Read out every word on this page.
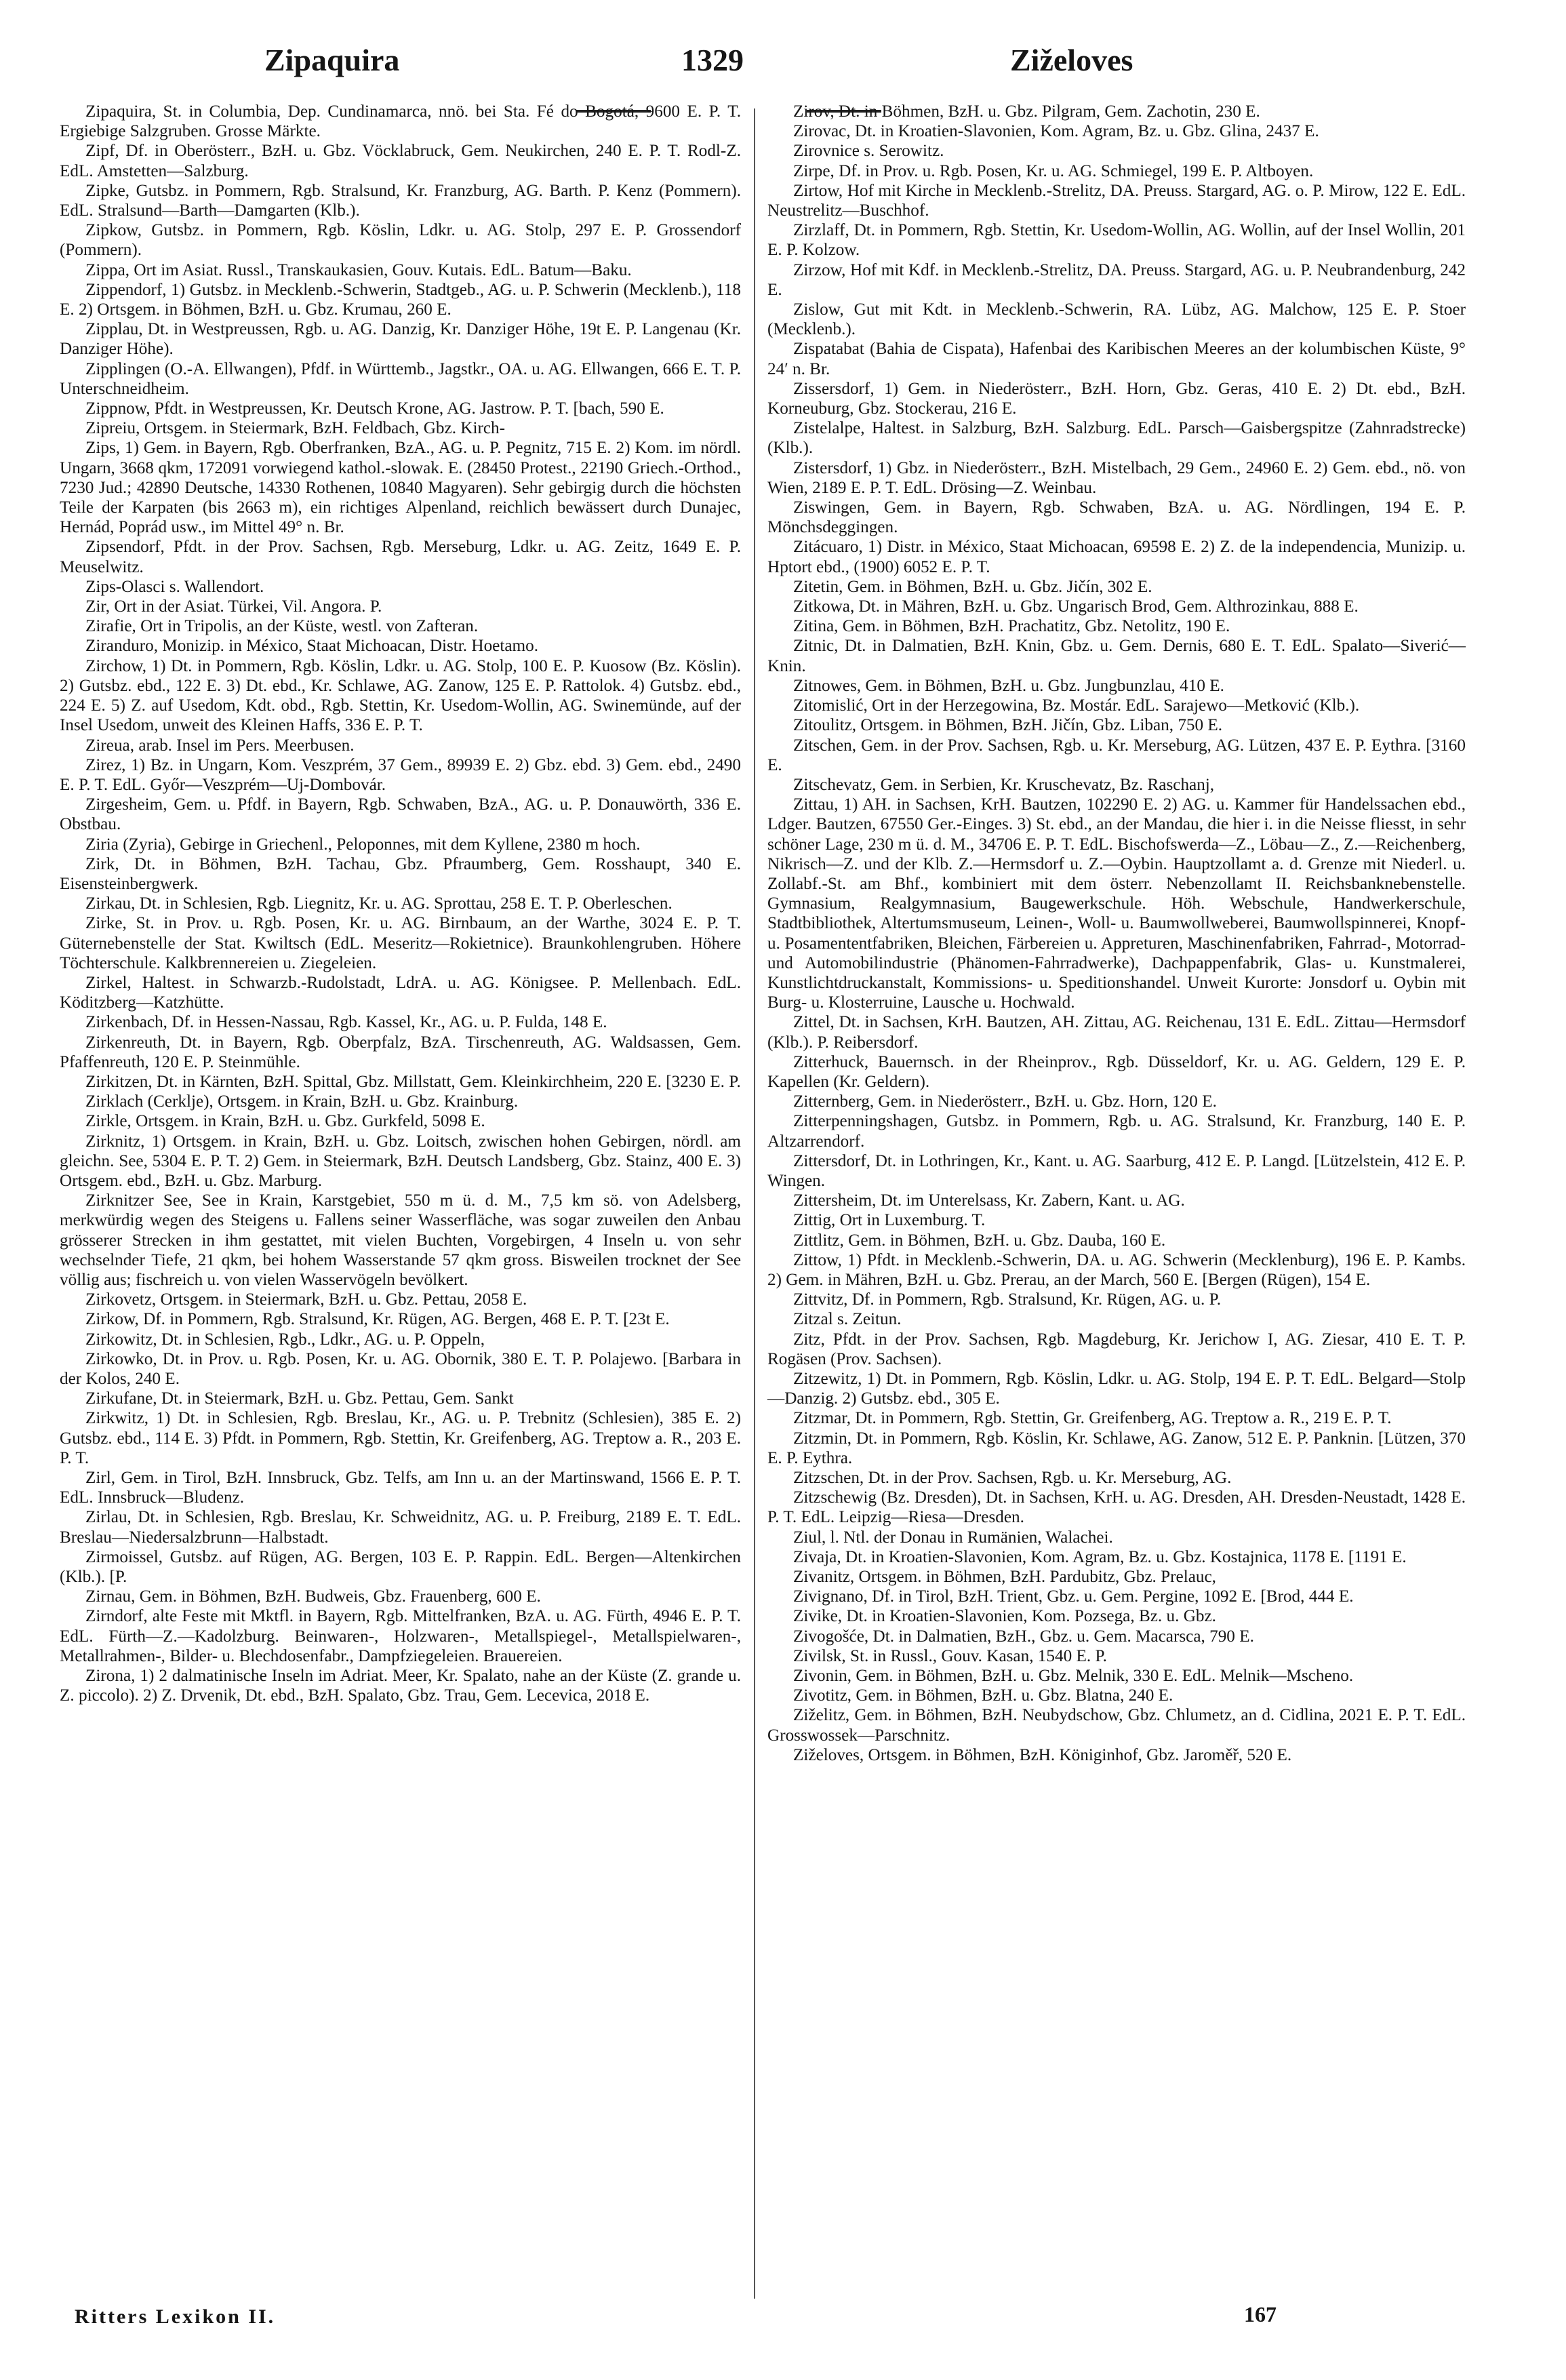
Zipaquira	1329	Ziželoves

Zipaquira, St. in Columbia, Dep. Cundinamarca, nnö. bei Sta. Fé do Bogotá, 9600 E. P. T. Ergiebige Salzgruben. Grosse Märkte.

Zipf, Df. in Oberösterr., BzH. u. Gbz. Vöcklabruck, Gem. Neukirchen, 240 E. P. T. Rodl-Z. EdL. Amstetten—Salzburg.

Zipke, Gutsbz. in Pommern, Rgb. Stralsund, Kr. Franzburg, AG. Barth. P. Kenz (Pommern). EdL. Stralsund—Barth—Damgarten (Klb.).

Zipkow, Gutsbz. in Pommern, Rgb. Köslin, Ldkr. u. AG. Stolp, 297 E. P. Grossendorf (Pommern).

Zippa, Ort im Asiat. Russl., Transkaukasien, Gouv. Kutais. EdL. Batum—Baku.

Zippendorf, 1) Gutsbz. in Mecklenb.-Schwerin, Stadtgeb., AG. u. P. Schwerin (Mecklenb.), 118 E. 2) Ortsgem. in Böhmen, BzH. u. Gbz. Krumau, 260 E.

Zipplau, Dt. in Westpreussen, Rgb. u. AG. Danzig, Kr. Danziger Höhe, 19t E. P. Langenau (Kr. Danziger Höhe).

Zipplingen (O.-A. Ellwangen), Pfdf. in Württemb., Jagstkr., OA. u. AG. Ellwangen, 666 E. T. P. Unterschneidheim.

Zippnow, Pfdt. in Westpreussen, Kr. Deutsch Krone, AG. Jastrow. P. T. [bach, 590 E.

Zipreiu, Ortsgem. in Steiermark, BzH. Feldbach, Gbz. Kirch-

Zips, 1) Gem. in Bayern, Rgb. Oberfranken, BzA., AG. u. P. Pegnitz, 715 E. 2) Kom. im nördl. Ungarn, 3668 qkm, 172091 vorwiegend kathol.-slowak. E. (28450 Protest., 22190 Griech.-Orthod., 7230 Jud.; 42890 Deutsche, 14330 Rothenen, 10840 Magyaren). Sehr gebirgig durch die höchsten Teile der Karpaten (bis 2663 m), ein richtiges Alpenland, reichlich bewässert durch Dunajec, Hernád, Poprád usw., im Mittel 49° n. Br.

Zipsendorf, Pfdt. in der Prov. Sachsen, Rgb. Merseburg, Ldkr. u. AG. Zeitz, 1649 E. P. Meuselwitz.

Zips-Olasci s. Wallendort.

Zir, Ort in der Asiat. Türkei, Vil. Angora. P.

Zirafie, Ort in Tripolis, an der Küste, westl. von Zafteran.

Ziranduro, Monizip. in México, Staat Michoacan, Distr. Hoetamo.

Zirchow, 1) Dt. in Pommern, Rgb. Köslin, Ldkr. u. AG. Stolp, 100 E. P. Kuosow (Bz. Köslin). 2) Gutsbz. ebd., 122 E. 3) Dt. ebd., Kr. Schlawe, AG. Zanow, 125 E. P. Rattolok. 4) Gutsbz. ebd., 224 E. 5) Z. auf Usedom, Kdt. obd., Rgb. Stettin, Kr. Usedom-Wollin, AG. Swinemünde, auf der Insel Usedom, unweit des Kleinen Haffs, 336 E. P. T.

Zireua, arab. Insel im Pers. Meerbusen.

Zirez, 1) Bz. in Ungarn, Kom. Veszprém, 37 Gem., 89939 E. 2) Gbz. ebd. 3) Gem. ebd., 2490 E. P. T. EdL. Győr—Veszprém—Uj-Dombovár.

Zirgesheim, Gem. u. Pfdf. in Bayern, Rgb. Schwaben, BzA., AG. u. P. Donauwörth, 336 E. Obstbau.

Ziria (Zyria), Gebirge in Griechenl., Peloponnes, mit dem Kyllene, 2380 m hoch.

Zirk, Dt. in Böhmen, BzH. Tachau, Gbz. Pfraumberg, Gem. Rosshaupt, 340 E. Eisensteinbergwerk.

Zirkau, Dt. in Schlesien, Rgb. Liegnitz, Kr. u. AG. Sprottau, 258 E. T. P. Oberleschen.

Zirke, St. in Prov. u. Rgb. Posen, Kr. u. AG. Birnbaum, an der Warthe, 3024 E. P. T. Güternebenstelle der Stat. Kwiltsch (EdL. Meseritz—Rokietnice). Braunkohlengruben. Höhere Töchterschule. Kalkbrennereien u. Ziegeleien.

Zirkel, Haltest. in Schwarzb.-Rudolstadt, LdrA. u. AG. Königsee. P. Mellenbach. EdL. Köditzberg—Katzhütte.

Zirkenbach, Df. in Hessen-Nassau, Rgb. Kassel, Kr., AG. u. P. Fulda, 148 E.

Zirkenreuth, Dt. in Bayern, Rgb. Oberpfalz, BzA. Tirschenreuth, AG. Waldsassen, Gem. Pfaffenreuth, 120 E. P. Steinmühle.

Zirkitzen, Dt. in Kärnten, BzH. Spittal, Gbz. Millstatt, Gem. Kleinkirchheim, 220 E. [3230 E. P.

Zirklach (Cerklje), Ortsgem. in Krain, BzH. u. Gbz. Krainburg.

Zirkle, Ortsgem. in Krain, BzH. u. Gbz. Gurkfeld, 5098 E.

Zirknitz, 1) Ortsgem. in Krain, BzH. u. Gbz. Loitsch, zwischen hohen Gebirgen, nördl. am gleichn. See, 5304 E. P. T. 2) Gem. in Steiermark, BzH. Deutsch Landsberg, Gbz. Stainz, 400 E. 3) Ortsgem. ebd., BzH. u. Gbz. Marburg.

Zirknitzer See, See in Krain, Karstgebiet, 550 m ü. d. M., 7,5 km sö. von Adelsberg, merkwürdig wegen des Steigens u. Fallens seiner Wasserfläche, was sogar zuweilen den Anbau grösserer Strecken in ihm gestattet, mit vielen Buchten, Vorgebirgen, 4 Inseln u. von sehr wechselnder Tiefe, 21 qkm, bei hohem Wasserstande 57 qkm gross. Bisweilen trocknet der See völlig aus; fischreich u. von vielen Wasservögeln bevölkert.

Zirkovetz, Ortsgem. in Steiermark, BzH. u. Gbz. Pettau, 2058 E.

Zirkow, Df. in Pommern, Rgb. Stralsund, Kr. Rügen, AG. Bergen, 468 E. P. T. [23t E.

Zirkowitz, Dt. in Schlesien, Rgb., Ldkr., AG. u. P. Oppeln,

Zirkowko, Dt. in Prov. u. Rgb. Posen, Kr. u. AG. Obornik, 380 E. T. P. Polajewo. [Barbara in der Kolos, 240 E.

Zirkufane, Dt. in Steiermark, BzH. u. Gbz. Pettau, Gem. Sankt

Zirkwitz, 1) Dt. in Schlesien, Rgb. Breslau, Kr., AG. u. P. Trebnitz (Schlesien), 385 E. 2) Gutsbz. ebd., 114 E. 3) Pfdt. in Pommern, Rgb. Stettin, Kr. Greifenberg, AG. Treptow a. R., 203 E. P. T.

Zirl, Gem. in Tirol, BzH. Innsbruck, Gbz. Telfs, am Inn u. an der Martinswand, 1566 E. P. T. EdL. Innsbruck—Bludenz.

Zirlau, Dt. in Schlesien, Rgb. Breslau, Kr. Schweidnitz, AG. u. P. Freiburg, 2189 E. T. EdL. Breslau—Niedersalzbrunn—Halbstadt.

Zirmoissel, Gutsbz. auf Rügen, AG. Bergen, 103 E. P. Rappin. EdL. Bergen—Altenkirchen (Klb.). [P.

Zirnau, Gem. in Böhmen, BzH. Budweis, Gbz. Frauenberg, 600 E.

Zirndorf, alte Feste mit Mktfl. in Bayern, Rgb. Mittelfranken, BzA. u. AG. Fürth, 4946 E. P. T. EdL. Fürth—Z.—Kadolzburg. Beinwaren-, Holzwaren-, Metallspiegel-, Metallspielwaren-, Metallrahmen-, Bilder- u. Blechdosenfabr., Dampfziegeleien. Brauereien.

Zirona, 1) 2 dalmatinische Inseln im Adriat. Meer, Kr. Spalato, nahe an der Küste (Z. grande u. Z. piccolo). 2) Z. Drvenik, Dt. ebd., BzH. Spalato, Gbz. Trau, Gem. Lecevica, 2018 E.

Zirov, Dt. in Böhmen, BzH. u. Gbz. Pilgram, Gem. Zachotin, 230 E.

Zirovac, Dt. in Kroatien-Slavonien, Kom. Agram, Bz. u. Gbz. Glina, 2437 E.

Zirovnice s. Serowitz.

Zirpe, Df. in Prov. u. Rgb. Posen, Kr. u. AG. Schmiegel, 199 E. P. Altboyen.

Zirtow, Hof mit Kirche in Mecklenb.-Strelitz, DA. Preuss. Stargard, AG. o. P. Mirow, 122 E. EdL. Neustrelitz—Buschhof.

Zirzlaff, Dt. in Pommern, Rgb. Stettin, Kr. Usedom-Wollin, AG. Wollin, auf der Insel Wollin, 201 E. P. Kolzow.

Zirzow, Hof mit Kdf. in Mecklenb.-Strelitz, DA. Preuss. Stargard, AG. u. P. Neubrandenburg, 242 E.

Zislow, Gut mit Kdt. in Mecklenb.-Schwerin, RA. Lübz, AG. Malchow, 125 E. P. Stoer (Mecklenb.).

Zispatabat (Bahia de Cispata), Hafenbai des Karibischen Meeres an der kolumbischen Küste, 9° 24′ n. Br.

Zissersdorf, 1) Gem. in Niederösterr., BzH. Horn, Gbz. Geras, 410 E. 2) Dt. ebd., BzH. Korneuburg, Gbz. Stockerau, 216 E.

Zistelalpe, Haltest. in Salzburg, BzH. Salzburg. EdL. Parsch—Gaisbergspitze (Zahnradstrecke) (Klb.).

Zistersdorf, 1) Gbz. in Niederösterr., BzH. Mistelbach, 29 Gem., 24960 E. 2) Gem. ebd., nö. von Wien, 2189 E. P. T. EdL. Drösing—Z. Weinbau.

Ziswingen, Gem. in Bayern, Rgb. Schwaben, BzA. u. AG. Nördlingen, 194 E. P. Mönchsdeggingen.

Zitácuaro, 1) Distr. in México, Staat Michoacan, 69598 E. 2) Z. de la independencia, Munizip. u. Hptort ebd., (1900) 6052 E. P. T.

Zitetin, Gem. in Böhmen, BzH. u. Gbz. Jičín, 302 E.

Zitkowa, Dt. in Mähren, BzH. u. Gbz. Ungarisch Brod, Gem. Althrozinkau, 888 E.

Zitina, Gem. in Böhmen, BzH. Prachatitz, Gbz. Netolitz, 190 E.

Zitnic, Dt. in Dalmatien, BzH. Knin, Gbz. u. Gem. Dernis, 680 E. T. EdL. Spalato—Siverić—Knin.

Zitnowes, Gem. in Böhmen, BzH. u. Gbz. Jungbunzlau, 410 E.

Zitomislić, Ort in der Herzegowina, Bz. Mostár. EdL. Sarajewo—Metković (Klb.).

Zitoulitz, Ortsgem. in Böhmen, BzH. Jičín, Gbz. Liban, 750 E.

Zitschen, Gem. in der Prov. Sachsen, Rgb. u. Kr. Merseburg, AG. Lützen, 437 E. P. Eythra. [3160 E.

Zitschevatz, Gem. in Serbien, Kr. Kruschevatz, Bz. Raschanj,

Zittau, 1) AH. in Sachsen, KrH. Bautzen, 102290 E. 2) AG. u. Kammer für Handelssachen ebd., Ldger. Bautzen, 67550 Ger.-Einges. 3) St. ebd., an der Mandau, die hier i. in die Neisse fliesst, in sehr schöner Lage, 230 m ü. d. M., 34706 E. P. T. EdL. Bischofswerda—Z., Löbau—Z., Z.—Reichenberg, Nikrisch—Z. und der Klb. Z.—Hermsdorf u. Z.—Oybin. Hauptzollamt a. d. Grenze mit Niederl. u. Zollabf.-St. am Bhf., kombiniert mit dem österr. Nebenzollamt II. Reichsbanknebenstelle. Gymnasium, Realgymnasium, Baugewerkschule. Höh. Webschule, Handwerkerschule, Stadtbibliothek, Altertumsmuseum, Leinen-, Woll- u. Baumwollweberei, Baumwollspinnerei, Knopf- u. Posamententfabriken, Bleichen, Färbereien u. Appreturen, Maschinenfabriken, Fahrrad-, Motorrad- und Automobilindustrie (Phänomen-Fahrradwerke), Dachpappenfabrik, Glas- u. Kunstmalerei, Kunstlichtdruckanstalt, Kommissions- u. Speditionshandel. Unweit Kurorte: Jonsdorf u. Oybin mit Burg- u. Klosterruine, Lausche u. Hochwald.

Zittel, Dt. in Sachsen, KrH. Bautzen, AH. Zittau, AG. Reichenau, 131 E. EdL. Zittau—Hermsdorf (Klb.). P. Reibersdorf.

Zitterhuck, Bauernsch. in der Rheinprov., Rgb. Düsseldorf, Kr. u. AG. Geldern, 129 E. P. Kapellen (Kr. Geldern).

Zitternberg, Gem. in Niederösterr., BzH. u. Gbz. Horn, 120 E.

Zitterpenningshagen, Gutsbz. in Pommern, Rgb. u. AG. Stralsund, Kr. Franzburg, 140 E. P. Altzarrendorf.

Zittersdorf, Dt. in Lothringen, Kr., Kant. u. AG. Saarburg, 412 E. P. Langd. [Lützelstein, 412 E. P. Wingen.

Zittersheim, Dt. im Unterelsass, Kr. Zabern, Kant. u. AG.

Zittig, Ort in Luxemburg. T.

Zittlitz, Gem. in Böhmen, BzH. u. Gbz. Dauba, 160 E.

Zittow, 1) Pfdt. in Mecklenb.-Schwerin, DA. u. AG. Schwerin (Mecklenburg), 196 E. P. Kambs. 2) Gem. in Mähren, BzH. u. Gbz. Prerau, an der March, 560 E. [Bergen (Rügen), 154 E.

Zittvitz, Df. in Pommern, Rgb. Stralsund, Kr. Rügen, AG. u. P.

Zitzal s. Zeitun.

Zitz, Pfdt. in der Prov. Sachsen, Rgb. Magdeburg, Kr. Jerichow I, AG. Ziesar, 410 E. T. P. Rogäsen (Prov. Sachsen).

Zitzewitz, 1) Dt. in Pommern, Rgb. Köslin, Ldkr. u. AG. Stolp, 194 E. P. T. EdL. Belgard—Stolp—Danzig. 2) Gutsbz. ebd., 305 E.

Zitzmar, Dt. in Pommern, Rgb. Stettin, Gr. Greifenberg, AG. Treptow a. R., 219 E. P. T.

Zitzmin, Dt. in Pommern, Rgb. Köslin, Kr. Schlawe, AG. Zanow, 512 E. P. Panknin. [Lützen, 370 E. P. Eythra.

Zitzschen, Dt. in der Prov. Sachsen, Rgb. u. Kr. Merseburg, AG.

Zitzschewig (Bz. Dresden), Dt. in Sachsen, KrH. u. AG. Dresden, AH. Dresden-Neustadt, 1428 E. P. T. EdL. Leipzig—Riesa—Dresden.

Ziul, l. Ntl. der Donau in Rumänien, Walachei.

Zivaja, Dt. in Kroatien-Slavonien, Kom. Agram, Bz. u. Gbz. Kostajnica, 1178 E. [1191 E.

Zivanitz, Ortsgem. in Böhmen, BzH. Pardubitz, Gbz. Prelauc,

Zivignano, Df. in Tirol, BzH. Trient, Gbz. u. Gem. Pergine, 1092 E. [Brod, 444 E.

Zivike, Dt. in Kroatien-Slavonien, Kom. Pozsega, Bz. u. Gbz.

Zivogošće, Dt. in Dalmatien, BzH., Gbz. u. Gem. Macarsca, 790 E.

Zivilsk, St. in Russl., Gouv. Kasan, 1540 E. P.

Zivonin, Gem. in Böhmen, BzH. u. Gbz. Melnik, 330 E. EdL. Melnik—Mscheno.

Zivotitz, Gem. in Böhmen, BzH. u. Gbz. Blatna, 240 E.

Ziželitz, Gem. in Böhmen, BzH. Neubydschow, Gbz. Chlumetz, an d. Cidlina, 2021 E. P. T. EdL. Grosswossek—Parschnitz.

Ziželoves, Ortsgem. in Böhmen, BzH. Königinhof, Gbz. Jaroměř, 520 E.

Ritters Lexikon II.	167
